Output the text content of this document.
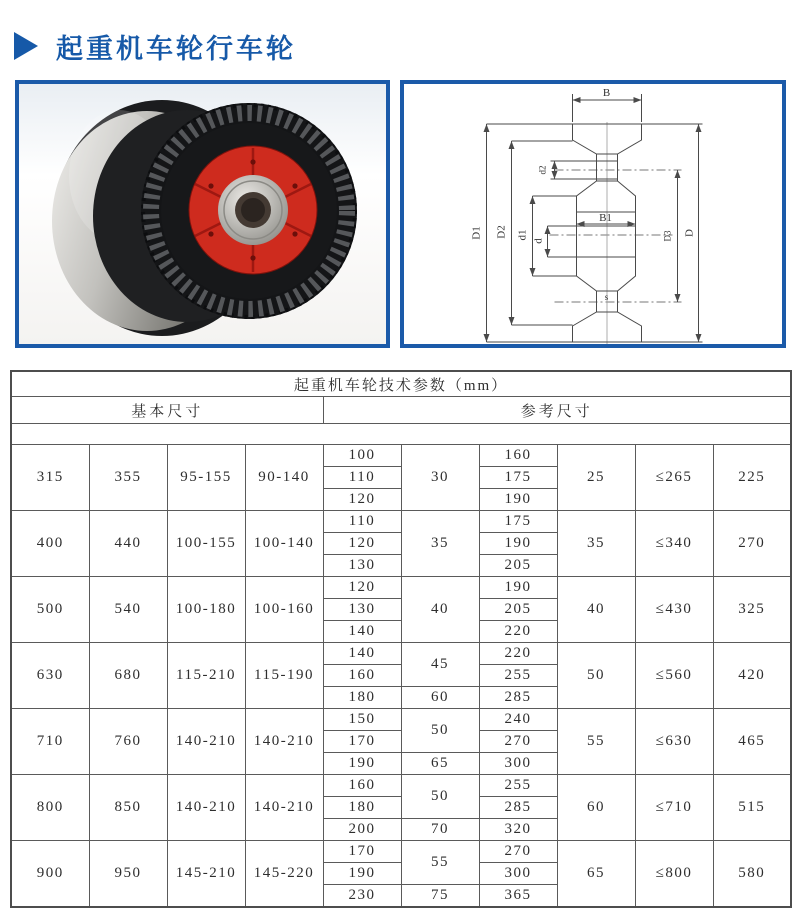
起重机车轮行车轮
B
B1
d2
s
D1 D2 d1
d	D3 D
起重机车轮技术参数（mm）									
基本尺寸				参考尺寸					

315	355	95-155	90-140	100	30	160	25	≤265	225
				110		175			
				120		190			
400	440	100-155	100-140	110	35	175	35	≤340	270
				120		190			
				130		205			
500	540	100-180	100-160	120	40	190	40	≤430	325
				130		205			
				140		220			
630	680	115-210	115-190	140	45	220	50	≤560	420
				160		255			
				180	60	285			
710	760	140-210	140-210	150	50	240	55	≤630	465
				170		270			
				190	65	300			
800	850	140-210	140-210	160	50	255	60	≤710	515
				180		285			
				200	70	320			
900	950	145-210	145-220	170	55	270	65	≤800	580
				190		300			
				230	75	365			
